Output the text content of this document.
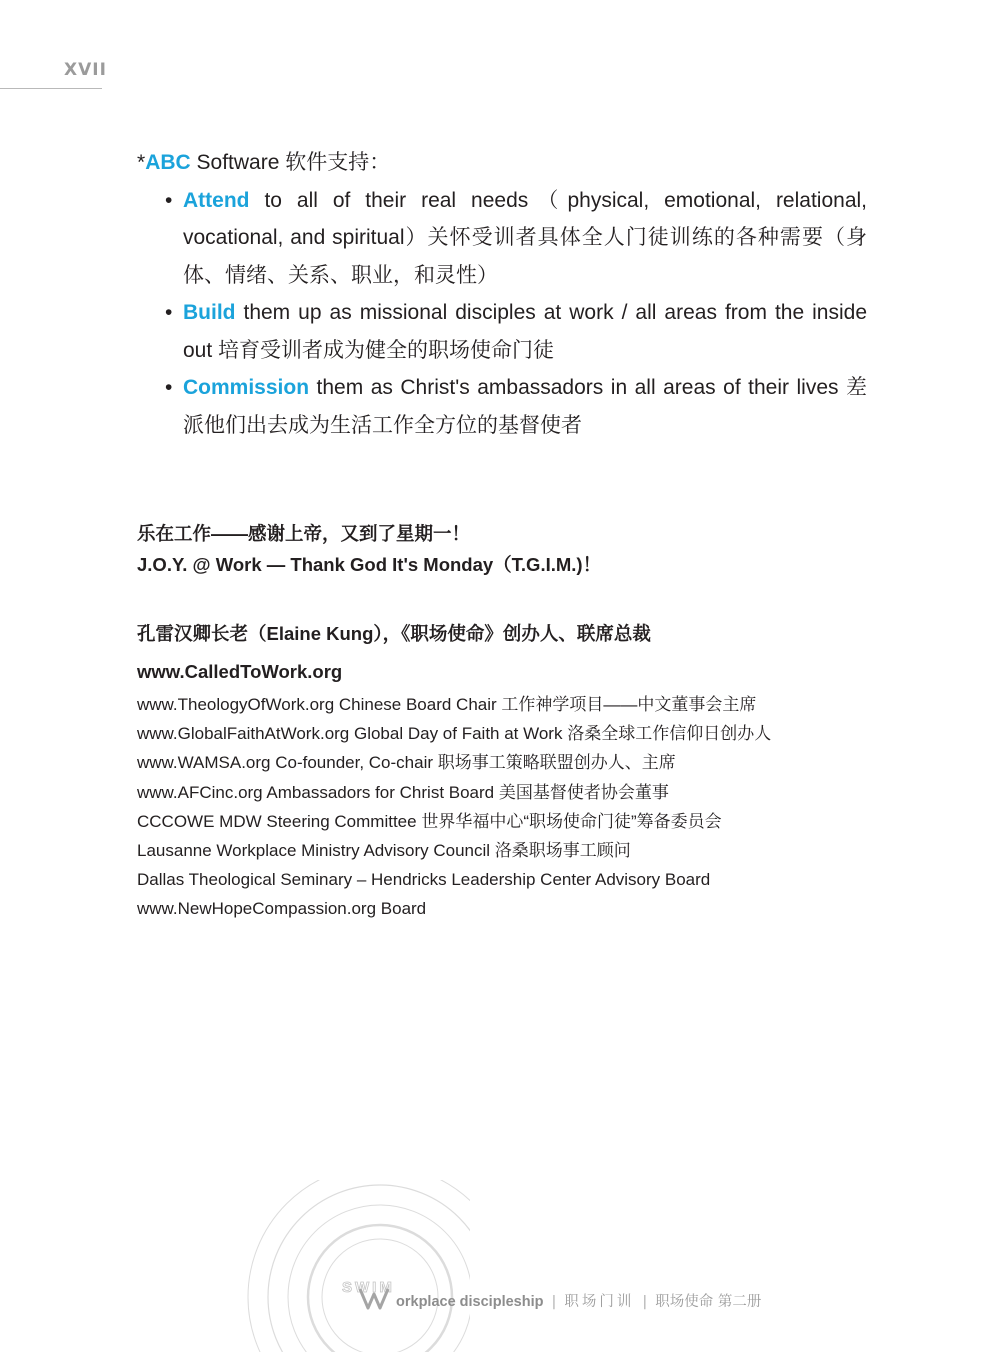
XVII

*ABC Software 软件支持：

• Attend to all of their real needs（physical, emotional, relational, vocational, and spiritual）关怀受训者具体全人门徒训练的各种需要（身体、情绪、关系、职业，和灵性）
• Build them up as missional disciples at work / all areas from the inside out 培育受训者成为健全的职场使命门徒
• Commission them as Christ's ambassadors in all areas of their lives 差派他们出去成为生活工作全方位的基督使者

乐在工作——感谢上帝，又到了星期一！

J.O.Y. @ Work — Thank God It's Monday（T.G.I.M.)！

孔雷汉卿长老（Elaine Kung），《职场使命》创办人、联席总裁

www.CalledToWork.org

www.TheologyOfWork.org Chinese Board Chair 工作神学项目——中文董事会主席

www.GlobalFaithAtWork.org Global Day of Faith at Work 洛桑全球工作信仰日创办人

www.WAMSA.org Co-founder, Co-chair 职场事工策略联盟创办人、主席

www.AFCinc.org Ambassadors for Christ Board 美国基督使者协会董事

CCCOWE MDW Steering Committee 世界华福中心“职场使命门徒”筹备委员会

Lausanne Workplace Ministry Advisory Council 洛桑职场事工顾问

Dallas Theological Seminary – Hendricks Leadership Center Advisory Board

www.NewHopeCompassion.org Board

SWIM
orkplace discipleship | 职场门训 | 职场使命 第二册
